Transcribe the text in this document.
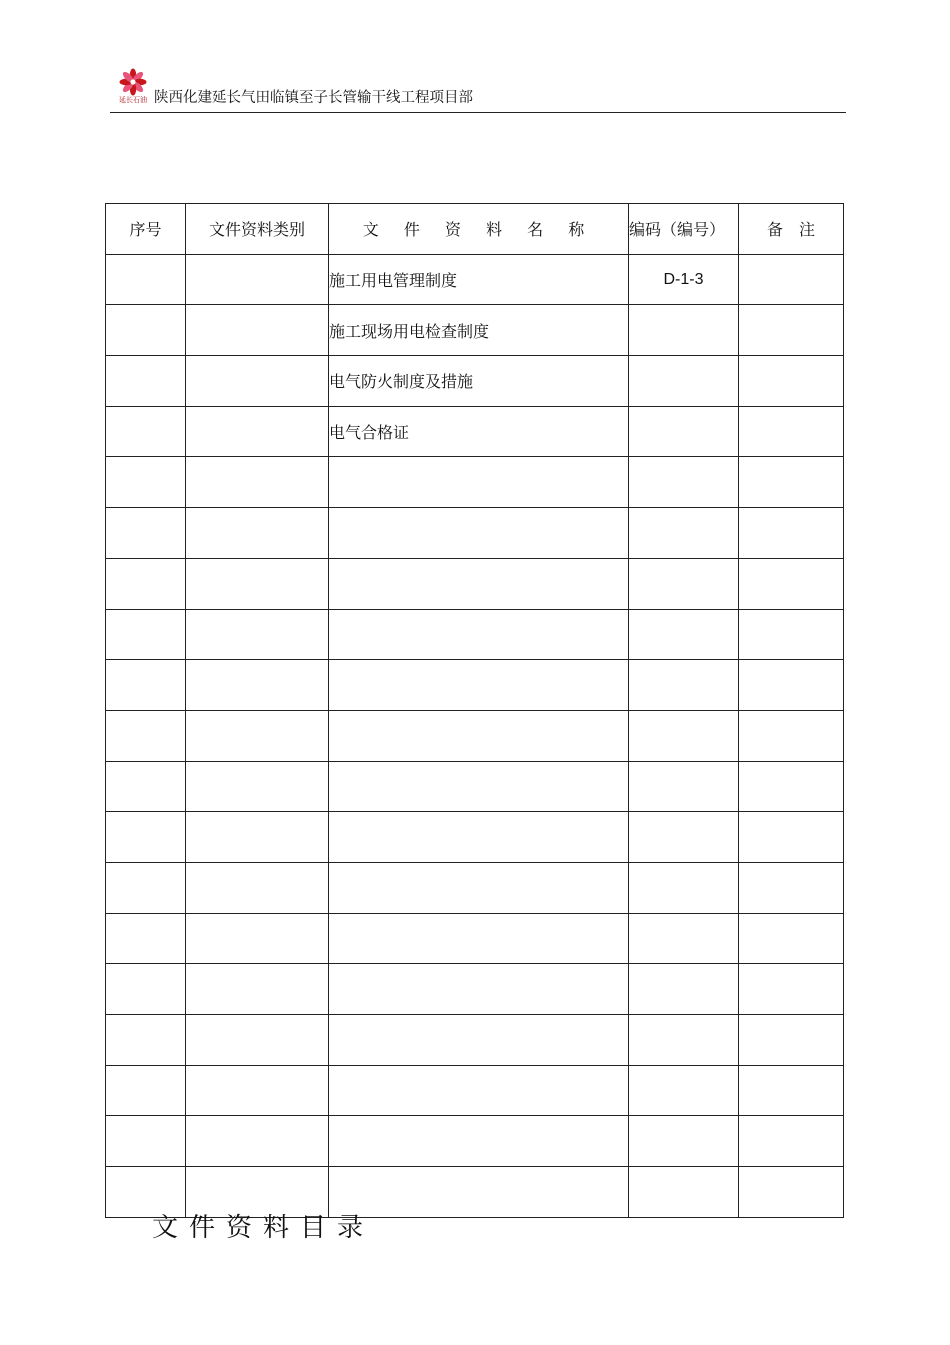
延长石油 陕西化建延长气田临镇至子长管输干线工程项目部
序号	文件资料类别	文 件 资 料 名 称	编码（编号）	备　注
		施工用电管理制度	D-1-3	
		施工现场用电检查制度		
		电气防火制度及措施		
		电气合格证		

文件资料目录
